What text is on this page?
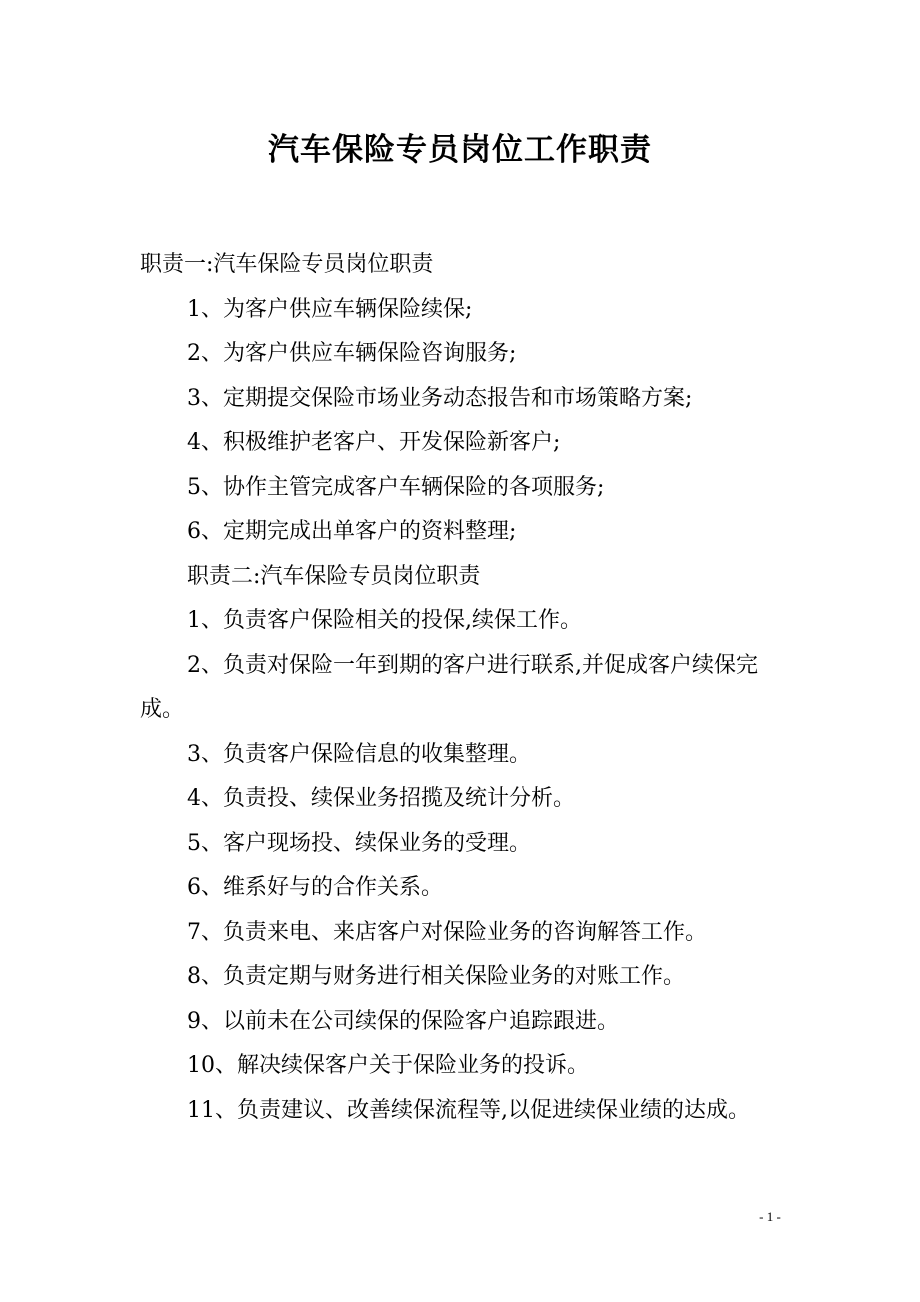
汽车保险专员岗位工作职责

职责一:汽车保险专员岗位职责

1、为客户供应车辆保险续保;

2、为客户供应车辆保险咨询服务;

3、定期提交保险市场业务动态报告和市场策略方案;

4、积极维护老客户、开发保险新客户;

5、协作主管完成客户车辆保险的各项服务;

6、定期完成出单客户的资料整理;

职责二:汽车保险专员岗位职责

1、负责客户保险相关的投保,续保工作。

2、负责对保险一年到期的客户进行联系,并促成客户续保完成。

3、负责客户保险信息的收集整理。

4、负责投、续保业务招揽及统计分析。

5、客户现场投、续保业务的受理。

6、维系好与的合作关系。

7、负责来电、来店客户对保险业务的咨询解答工作。

8、负责定期与财务进行相关保险业务的对账工作。

9、以前未在公司续保的保险客户追踪跟进。

10、解决续保客户关于保险业务的投诉。

11、负责建议、改善续保流程等,以促进续保业绩的达成。

- 1 -
